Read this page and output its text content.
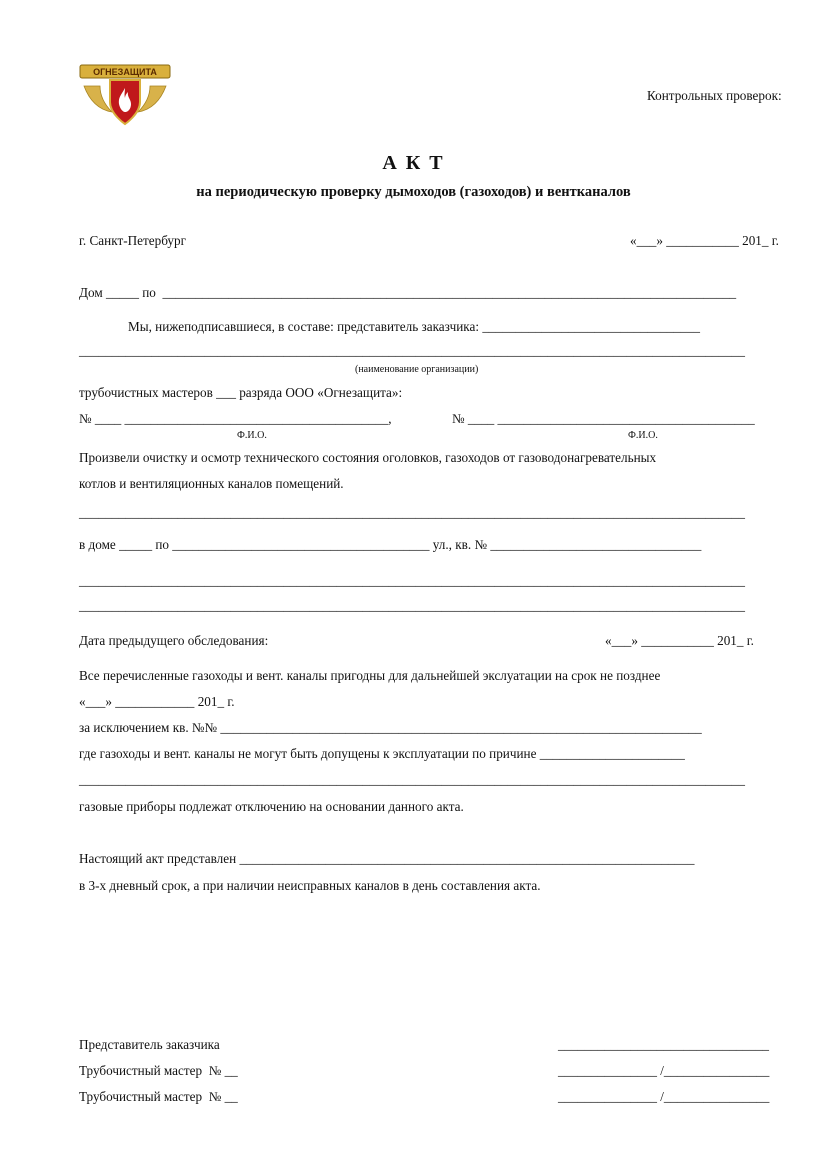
ОГНЕЗАЩИТА
Контрольных проверок:
А К Т
на периодическую проверку дымоходов (газоходов) и вентканалов
г. Санкт-Петербург	«___» ___________ 201_ г.
Дом _____ по  _______________________________________________________________________________________
Мы, нижеподписавшиеся, в составе: представитель заказчика: _________________________________
_____________________________________________________________________________________________________
(наименование организации)
трубочистных мастеров ___ разряда ООО «Огнезащита»:
№ ____ ________________________________________,	№ ____ _______________________________________
Ф.И.О.	Ф.И.О.
Произвели очистку и осмотр технического состояния оголовков, газоходов от газоводонагревательных
котлов и вентиляционных каналов помещений.
_____________________________________________________________________________________________________
в доме _____ по _______________________________________ ул., кв. № ________________________________
_____________________________________________________________________________________________________
_____________________________________________________________________________________________________
Дата предыдущего обследования:	«___» ___________ 201_ г.
Все перечисленные газоходы и вент. каналы пригодны для дальнейшей экслуатации на срок не позднее
«___» ____________ 201_ г.
за исключением кв. №№ _________________________________________________________________________
где газоходы и вент. каналы не могут быть допущены к эксплуатации по причине ______________________
_____________________________________________________________________________________________________
газовые приборы подлежат отключению на основании данного акта.
Настоящий акт представлен _____________________________________________________________________
в 3-х дневный срок, а при наличии неисправных каналов в день составления акта.
Представитель заказчика	________________________________
Трубочистный мастер  № __	_______________ /________________
Трубочистный мастер  № __	_______________ /________________
